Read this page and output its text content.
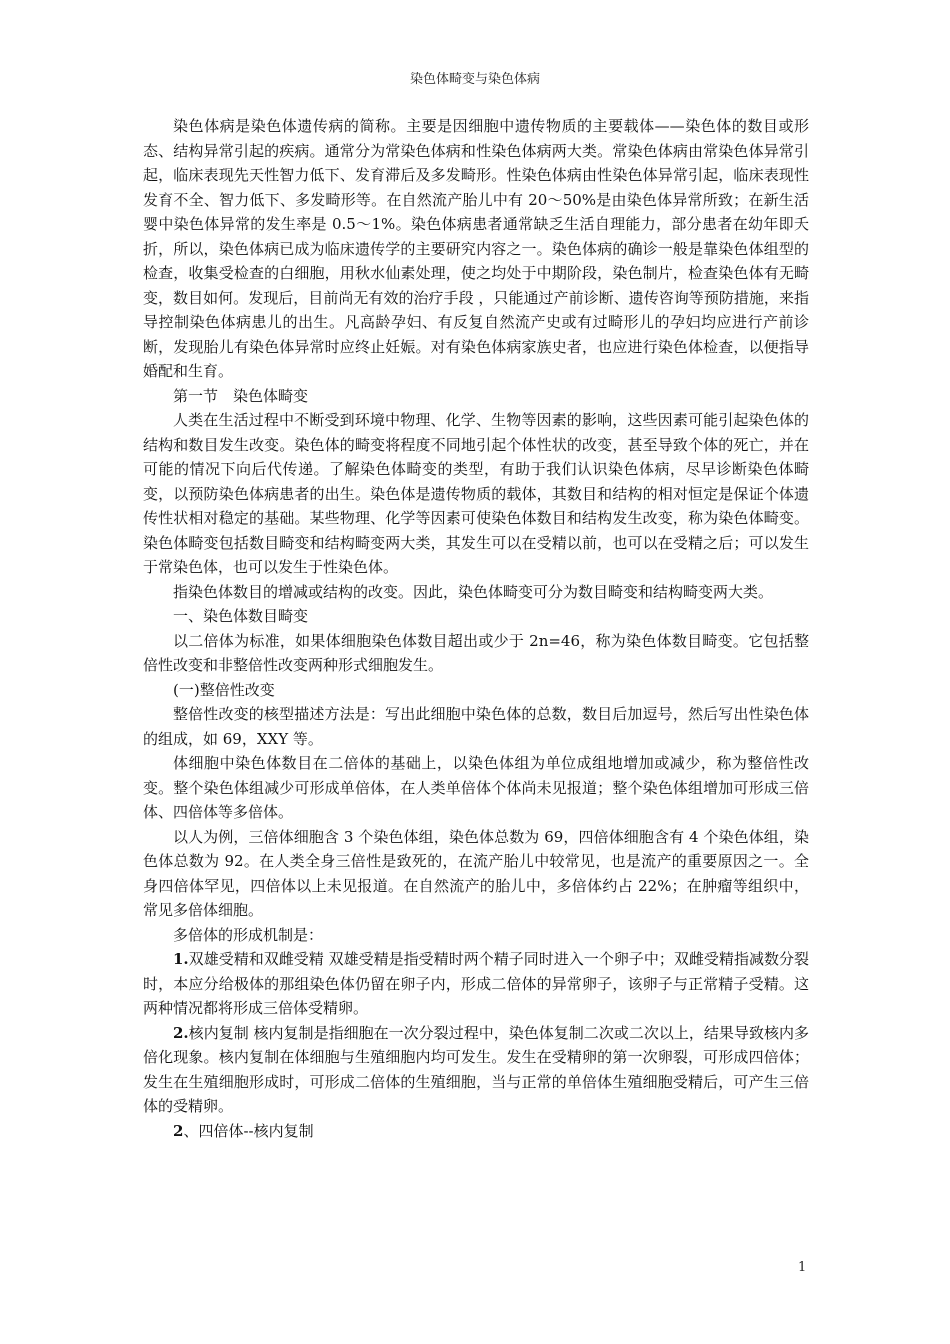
染色体畸变与染色体病

染色体病是染色体遗传病的简称。主要是因细胞中遗传物质的主要载体——染色体的数目或形态、结构异常引起的疾病。通常分为常染色体病和性染色体病两大类。常染色体病由常染色体异常引起，临床表现先天性智力低下、发育滞后及多发畸形。性染色体病由性染色体异常引起，临床表现性发育不全、智力低下、多发畸形等。在自然流产胎儿中有 20～50%是由染色体异常所致；在新生活婴中染色体异常的发生率是 0.5～1%。染色体病患者通常缺乏生活自理能力，部分患者在幼年即夭折，所以，染色体病已成为临床遗传学的主要研究内容之一。染色体病的确诊一般是靠染色体组型的检查，收集受检查的白细胞，用秋水仙素处理，使之均处于中期阶段，染色制片，检查染色体有无畸变，数目如何。发现后，目前尚无有效的治疗手段 ，只能通过产前诊断、遗传咨询等预防措施，来指导控制染色体病患儿的出生。凡高龄孕妇、有反复自然流产史或有过畸形儿的孕妇均应进行产前诊断，发现胎儿有染色体异常时应终止妊娠。对有染色体病家族史者，也应进行染色体检查，以便指导婚配和生育。

第一节　染色体畸变

人类在生活过程中不断受到环境中物理、化学、生物等因素的影响，这些因素可能引起染色体的结构和数目发生改变。染色体的畸变将程度不同地引起个体性状的改变，甚至导致个体的死亡，并在可能的情况下向后代传递。了解染色体畸变的类型，有助于我们认识染色体病，尽早诊断染色体畸变，以预防染色体病患者的出生。染色体是遗传物质的载体，其数目和结构的相对恒定是保证个体遗传性状相对稳定的基础。某些物理、化学等因素可使染色体数目和结构发生改变，称为染色体畸变。染色体畸变包括数目畸变和结构畸变两大类，其发生可以在受精以前，也可以在受精之后；可以发生于常染色体，也可以发生于性染色体。

指染色体数目的增减或结构的改变。因此，染色体畸变可分为数目畸变和结构畸变两大类。

一、染色体数目畸变

以二倍体为标准，如果体细胞染色体数目超出或少于 2n=46，称为染色体数目畸变。它包括整倍性改变和非整倍性改变两种形式细胞发生。

(一)整倍性改变

整倍性改变的核型描述方法是：写出此细胞中染色体的总数，数目后加逗号，然后写出性染色体的组成，如 69，XXY 等。

体细胞中染色体数目在二倍体的基础上，以染色体组为单位成组地增加或减少，称为整倍性改变。整个染色体组减少可形成单倍体，在人类单倍体个体尚未见报道；整个染色体组增加可形成三倍体、四倍体等多倍体。

以人为例，三倍体细胞含 3 个染色体组，染色体总数为 69，四倍体细胞含有 4 个染色体组，染色体总数为 92。在人类全身三倍性是致死的，在流产胎儿中较常见，也是流产的重要原因之一。全身四倍体罕见，四倍体以上未见报道。在自然流产的胎儿中，多倍体约占 22%；在肿瘤等组织中，常见多倍体细胞。

多倍体的形成机制是：

1.双雄受精和双雌受精 双雄受精是指受精时两个精子同时进入一个卵子中；双雌受精指减数分裂时，本应分给极体的那组染色体仍留在卵子内，形成二倍体的异常卵子，该卵子与正常精子受精。这两种情况都将形成三倍体受精卵。

2.核内复制 核内复制是指细胞在一次分裂过程中，染色体复制二次或二次以上，结果导致核内多倍化现象。核内复制在体细胞与生殖细胞内均可发生。发生在受精卵的第一次卵裂，可形成四倍体；发生在生殖细胞形成时，可形成二倍体的生殖细胞，当与正常的单倍体生殖细胞受精后，可产生三倍体的受精卵。

2、四倍体--核内复制

1
